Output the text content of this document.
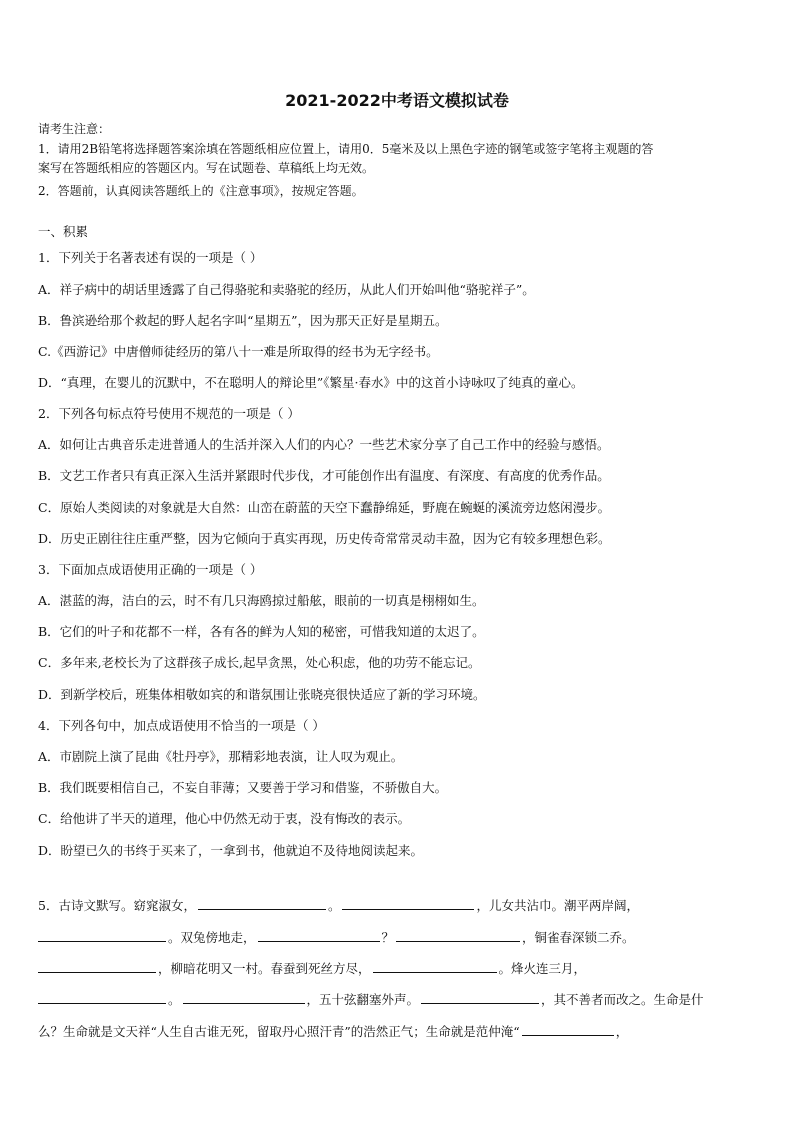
2021-2022中考语文模拟试卷
请考生注意：
1．请用2B铅笔将选择题答案涂填在答题纸相应位置上，请用0．5毫米及以上黑色字迹的钢笔或签字笔将主观题的答
案写在答题纸相应的答题区内。写在试题卷、草稿纸上均无效。
2．答题前，认真阅读答题纸上的《注意事项》，按规定答题。
一、积累
1．下列关于名著表述有误的一项是（ ）
A．祥子病中的胡话里透露了自己得骆驼和卖骆驼的经历，从此人们开始叫他“骆驼祥子”。
B．鲁滨逊给那个救起的野人起名字叫“星期五”，因为那天正好是星期五。
C.《西游记》中唐僧师徒经历的第八十一难是所取得的经书为无字经书。
D．“真理，在婴儿的沉默中，不在聪明人的辩论里”《繁星·春水》中的这首小诗咏叹了纯真的童心。
2．下列各句标点符号使用不规范的一项是（ ）
A．如何让古典音乐走进普通人的生活并深入人们的内心？一些艺术家分享了自己工作中的经验与感悟。
B．文艺工作者只有真正深入生活并紧跟时代步伐，才可能创作出有温度、有深度、有高度的优秀作品。
C．原始人类阅读的对象就是大自然：山峦在蔚蓝的天空下蠢静绵延，野鹿在蜿蜒的溪流旁边悠闲漫步。
D．历史正剧往往庄重严整，因为它倾向于真实再现，历史传奇常常灵动丰盈，因为它有较多理想色彩。
3．下面加点成语使用正确的一项是（ ）
A．湛蓝的海，洁白的云，时不有几只海鸥掠过船舷，眼前的一切真是栩栩如生。
B．它们的叶子和花都不一样，各有各的鲜为人知的秘密，可惜我知道的太迟了。
C．多年来,老校长为了这群孩子成长,起早贪黑，处心积虑，他的功劳不能忘记。
D．到新学校后，班集体相敬如宾的和谐氛围让张晓亮很快适应了新的学习环境。
4．下列各句中，加点成语使用不恰当的一项是（ ）
A．市剧院上演了昆曲《牡丹亭》，那精彩地表演，让人叹为观止。
B．我们既要相信自己，不妄自菲薄；又要善于学习和借鉴，不骄傲自大。
C．给他讲了半天的道理，他心中仍然无动于衷，没有悔改的表示。
D．盼望已久的书终于买来了，一拿到书，他就迫不及待地阅读起来。
5．古诗文默写。窈窕淑女，	。	，儿女共沾巾。潮平两岸阔，
。双兔傍地走，	？	，铜雀春深锁二乔。
，柳暗花明又一村。春蚕到死丝方尽，	。烽火连三月，
。	，五十弦翻塞外声。	，其不善者而改之。生命是什
么？生命就是文天祥“人生自古谁无死，留取丹心照汗青”的浩然正气；生命就是范仲淹“	，
